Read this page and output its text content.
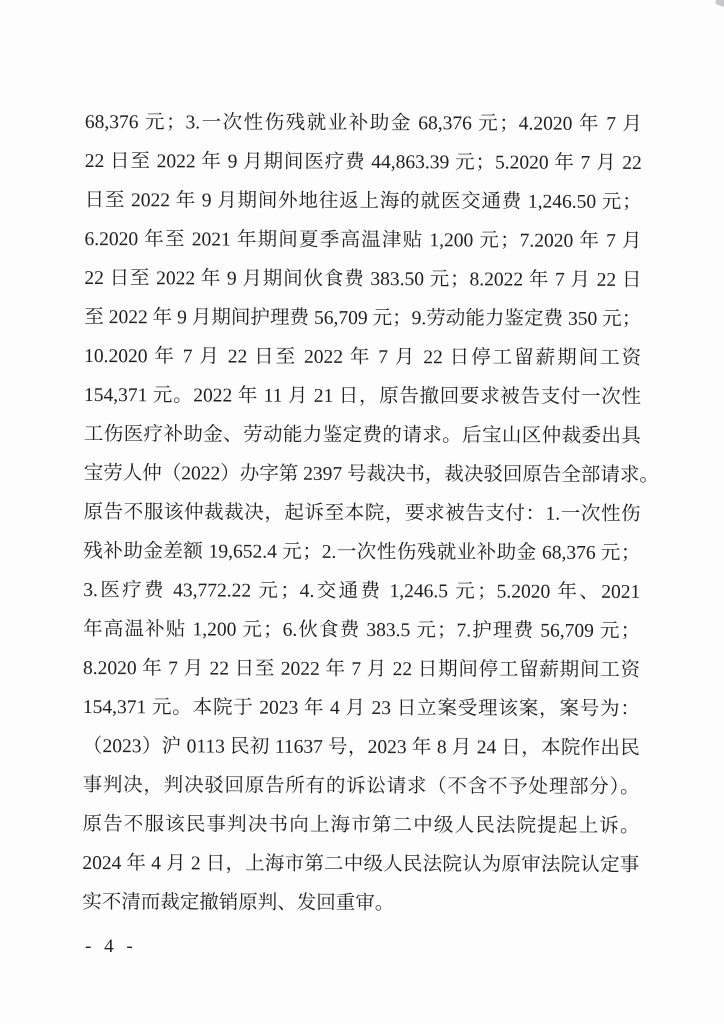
68,376 元；3.一次性伤残就业补助金 68,376 元；4.2020 年 7 月
22 日至 2022 年 9 月期间医疗费 44,863.39 元；5.2020 年 7 月 22
日至 2022 年 9 月期间外地往返上海的就医交通费 1,246.50 元；
6.2020 年至 2021 年期间夏季高温津贴 1,200 元；7.2020 年 7 月
22 日至 2022 年 9 月期间伙食费 383.50 元；8.2022 年 7 月 22 日
至 2022 年 9 月期间护理费 56,709 元；9.劳动能力鉴定费 350 元；
10.2020 年 7 月 22 日至 2022 年 7 月 22 日停工留薪期间工资
154,371 元。2022 年 11 月 21 日，原告撤回要求被告支付一次性
工伤医疗补助金、劳动能力鉴定费的请求。后宝山区仲裁委出具
宝劳人仲（2022）办字第 2397 号裁决书，裁决驳回原告全部请求。
原告不服该仲裁裁决，起诉至本院，要求被告支付：1.一次性伤
残补助金差额 19,652.4 元；2.一次性伤残就业补助金 68,376 元；
3.医疗费 43,772.22 元；4.交通费 1,246.5 元；5.2020 年、2021
年高温补贴 1,200 元；6.伙食费 383.5 元；7.护理费 56,709 元；
8.2020 年 7 月 22 日至 2022 年 7 月 22 日期间停工留薪期间工资
154,371 元。本院于 2023 年 4 月 23 日立案受理该案，案号为：
（2023）沪 0113 民初 11637 号，2023 年 8 月 24 日，本院作出民
事判决，判决驳回原告所有的诉讼请求（不含不予处理部分）。
原告不服该民事判决书向上海市第二中级人民法院提起上诉。
2024 年 4 月 2 日，上海市第二中级人民法院认为原审法院认定事
实不清而裁定撤销原判、发回重审。
- 4 -
